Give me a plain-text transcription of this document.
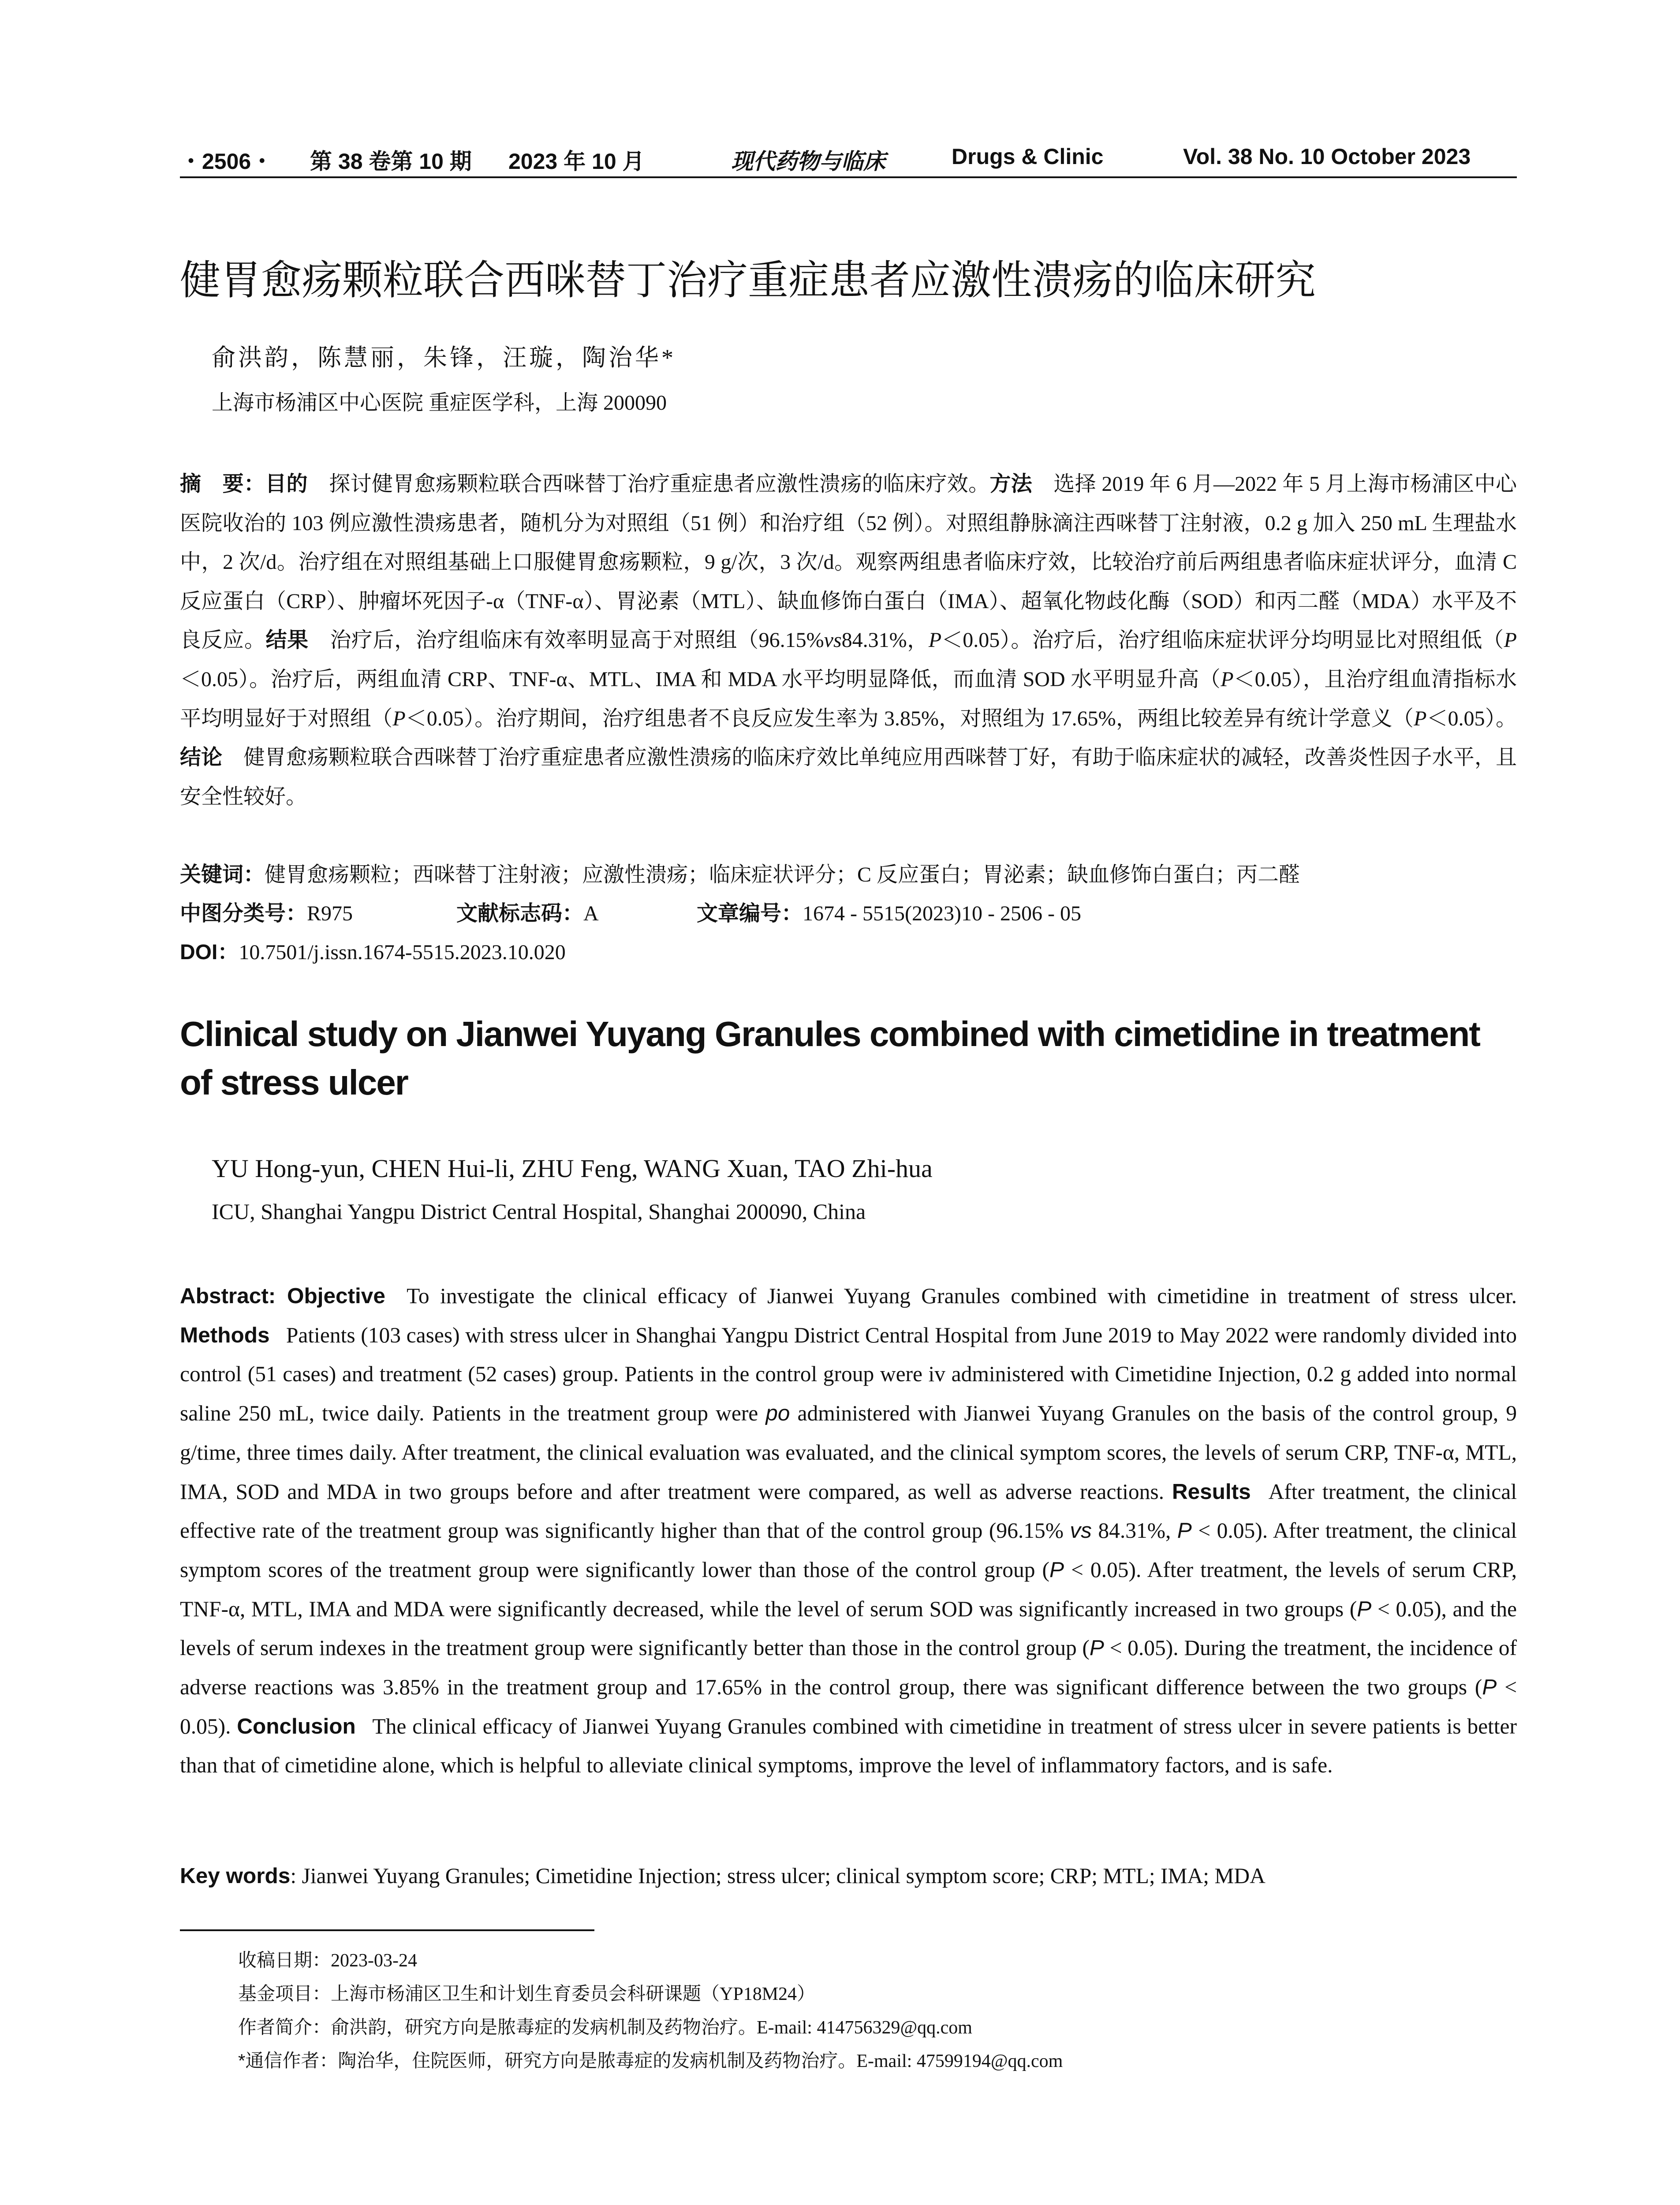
・2506・ 第 38 卷第 10 期 2023 年 10 月	现代药物与临床	Drugs & Clinic	Vol. 38 No. 10 October 2023
健胃愈疡颗粒联合西咪替丁治疗重症患者应激性溃疡的临床研究
俞洪韵，陈慧丽，朱锋，汪璇，陶治华*
上海市杨浦区中心医院 重症医学科，上海 200090
摘　要：目的  探讨健胃愈疡颗粒联合西咪替丁治疗重症患者应激性溃疡的临床疗效。方法  选择 2019 年 6 月—2022 年 5 月上海市杨浦区中心医院收治的 103 例应激性溃疡患者，随机分为对照组（51 例）和治疗组（52 例）。对照组静脉滴注西咪替丁注射液，0.2 g 加入 250 mL 生理盐水中，2 次/d。治疗组在对照组基础上口服健胃愈疡颗粒，9 g/次，3 次/d。观察两组患者临床疗效，比较治疗前后两组患者临床症状评分，血清 C 反应蛋白（CRP）、肿瘤坏死因子-α（TNF-α）、胃泌素（MTL）、缺血修饰白蛋白（IMA）、超氧化物歧化酶（SOD）和丙二醛（MDA）水平及不良反应。结果  治疗后，治疗组临床有效率明显高于对照组（96.15%vs84.31%，P＜0.05）。治疗后，治疗组临床症状评分均明显比对照组低（P＜0.05）。治疗后，两组血清 CRP、TNF-α、MTL、IMA 和 MDA 水平均明显降低，而血清 SOD 水平明显升高（P＜0.05），且治疗组血清指标水平均明显好于对照组（P＜0.05）。治疗期间，治疗组患者不良反应发生率为 3.85%，对照组为 17.65%，两组比较差异有统计学意义（P＜0.05）。结论  健胃愈疡颗粒联合西咪替丁治疗重症患者应激性溃疡的临床疗效比单纯应用西咪替丁好，有助于临床症状的减轻，改善炎性因子水平，且安全性较好。
关键词：健胃愈疡颗粒；西咪替丁注射液；应激性溃疡；临床症状评分；C 反应蛋白；胃泌素；缺血修饰白蛋白；丙二醛
中图分类号：R975	文献标志码：A	文章编号：1674 - 5515(2023)10 - 2506 - 05
DOI：10.7501/j.issn.1674-5515.2023.10.020
Clinical study on Jianwei Yuyang Granules combined with cimetidine in treatment of stress ulcer
YU Hong-yun, CHEN Hui-li, ZHU Feng, WANG Xuan, TAO Zhi-hua
ICU, Shanghai Yangpu District Central Hospital, Shanghai 200090, China
Abstract: Objective  To investigate the clinical efficacy of Jianwei Yuyang Granules combined with cimetidine in treatment of stress ulcer. Methods  Patients (103 cases) with stress ulcer in Shanghai Yangpu District Central Hospital from June 2019 to May 2022 were randomly divided into control (51 cases) and treatment (52 cases) group. Patients in the control group were iv administered with Cimetidine Injection, 0.2 g added into normal saline 250 mL, twice daily. Patients in the treatment group were po administered with Jianwei Yuyang Granules on the basis of the control group, 9 g/time, three times daily. After treatment, the clinical evaluation was evaluated, and the clinical symptom scores, the levels of serum CRP, TNF-α, MTL, IMA, SOD and MDA in two groups before and after treatment were compared, as well as adverse reactions. Results  After treatment, the clinical effective rate of the treatment group was significantly higher than that of the control group (96.15% vs 84.31%, P < 0.05). After treatment, the clinical symptom scores of the treatment group were significantly lower than those of the control group (P < 0.05). After treatment, the levels of serum CRP, TNF-α, MTL, IMA and MDA were significantly decreased, while the level of serum SOD was significantly increased in two groups (P < 0.05), and the levels of serum indexes in the treatment group were significantly better than those in the control group (P < 0.05). During the treatment, the incidence of adverse reactions was 3.85% in the treatment group and 17.65% in the control group, there was significant difference between the two groups (P < 0.05). Conclusion  The clinical efficacy of Jianwei Yuyang Granules combined with cimetidine in treatment of stress ulcer in severe patients is better than that of cimetidine alone, which is helpful to alleviate clinical symptoms, improve the level of inflammatory factors, and is safe.
Key words: Jianwei Yuyang Granules; Cimetidine Injection; stress ulcer; clinical symptom score; CRP; MTL; IMA; MDA
收稿日期：2023-03-24
基金项目：上海市杨浦区卫生和计划生育委员会科研课题（YP18M24）
作者简介：俞洪韵，研究方向是脓毒症的发病机制及药物治疗。E-mail: 414756329@qq.com
*通信作者：陶治华，住院医师，研究方向是脓毒症的发病机制及药物治疗。E-mail: 47599194@qq.com
